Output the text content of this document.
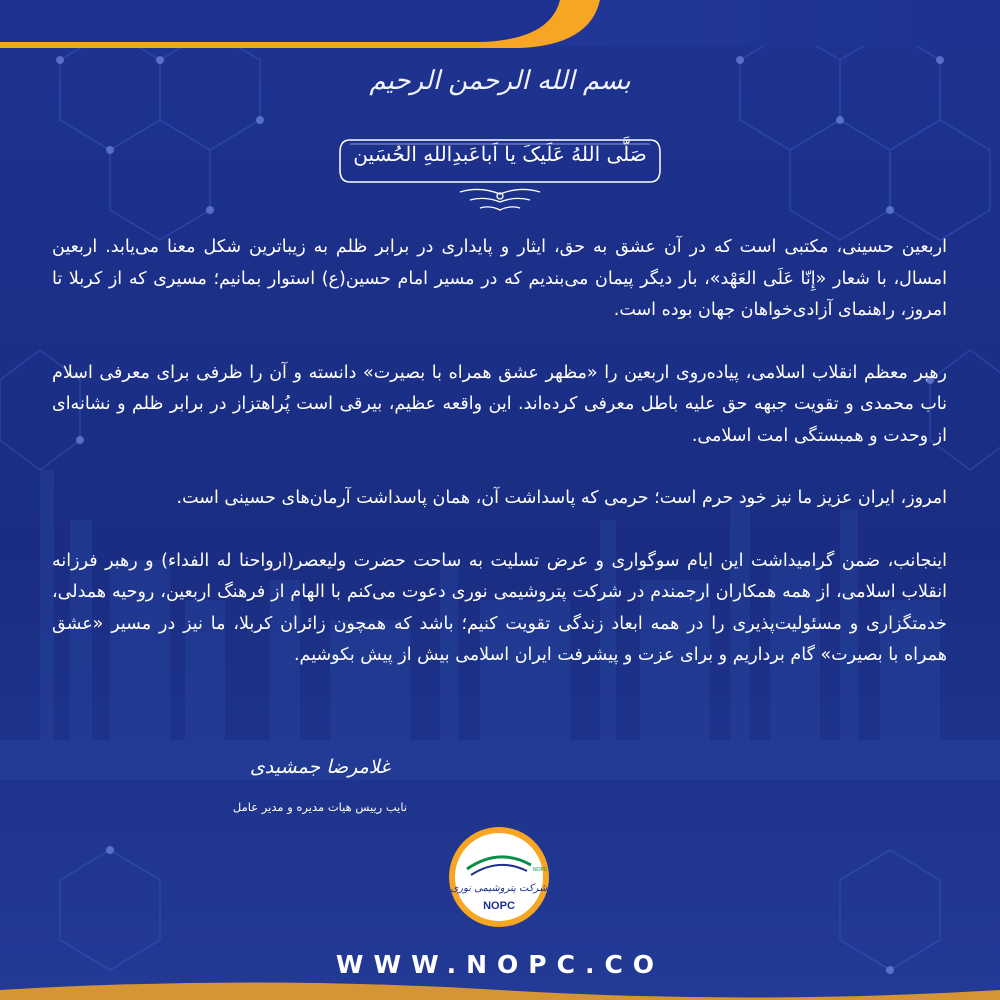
بسم الله الرحمن الرحیم
صَلَّی اللهُ عَلَیکَ یا اَباعَبدِاللهِ الحُسَین

اربعین حسینی، مکتبی است که در آن عشق به حق، ایثار و پایداری در برابر ظلم به زیباترین شکل معنا می‌یابد. اربعین امسال، با شعار «إِنّا عَلَی العَهْد»، بار دیگر پیمان می‌بندیم که در مسیر امام حسین(ع) استوار بمانیم؛ مسیری که از کربلا تا امروز، راهنمای آزادی‌خواهان جهان بوده است.

رهبر معظم انقلاب اسلامی، پیاده‌روی اربعین را «مظهر عشق همراه با بصیرت» دانسته و آن را ظرفی برای معرفی اسلام ناب محمدی و تقویت جبهه حق علیه باطل معرفی کرده‌اند. این واقعه عظیم، بیرقی است پُراهتزاز در برابر ظلم و نشانه‌ای از وحدت و همبستگی امت اسلامی.

امروز، ایران عزیز ما نیز خود حرم است؛ حرمی که پاسداشت آن، همان پاسداشت آرمان‌های حسینی است.

اینجانب، ضمن گرامیداشت این ایام سوگواری و عرض تسلیت به ساحت حضرت ولیعصر(ارواحنا له الفداء) و رهبر فرزانه انقلاب اسلامی، از همه همکاران ارجمندم در شرکت پتروشیمی نوری دعوت می‌کنم با الهام از فرهنگ اربعین، روحیه همدلی، خدمتگزاری و مسئولیت‌پذیری را در همه ابعاد زندگی تقویت کنیم؛ باشد که همچون زائران کربلا، ما نیز در مسیر «عشق همراه با بصیرت» گام برداریم و برای عزت و پیشرفت ایران اسلامی بیش از پیش بکوشیم.

غلامرضا جمشیدی
نایب رییس هیات مدیره و مدیر عامل
NOPC
شرکت پتروشیمی نوری
NOPC
WWW.NOPC.CO
